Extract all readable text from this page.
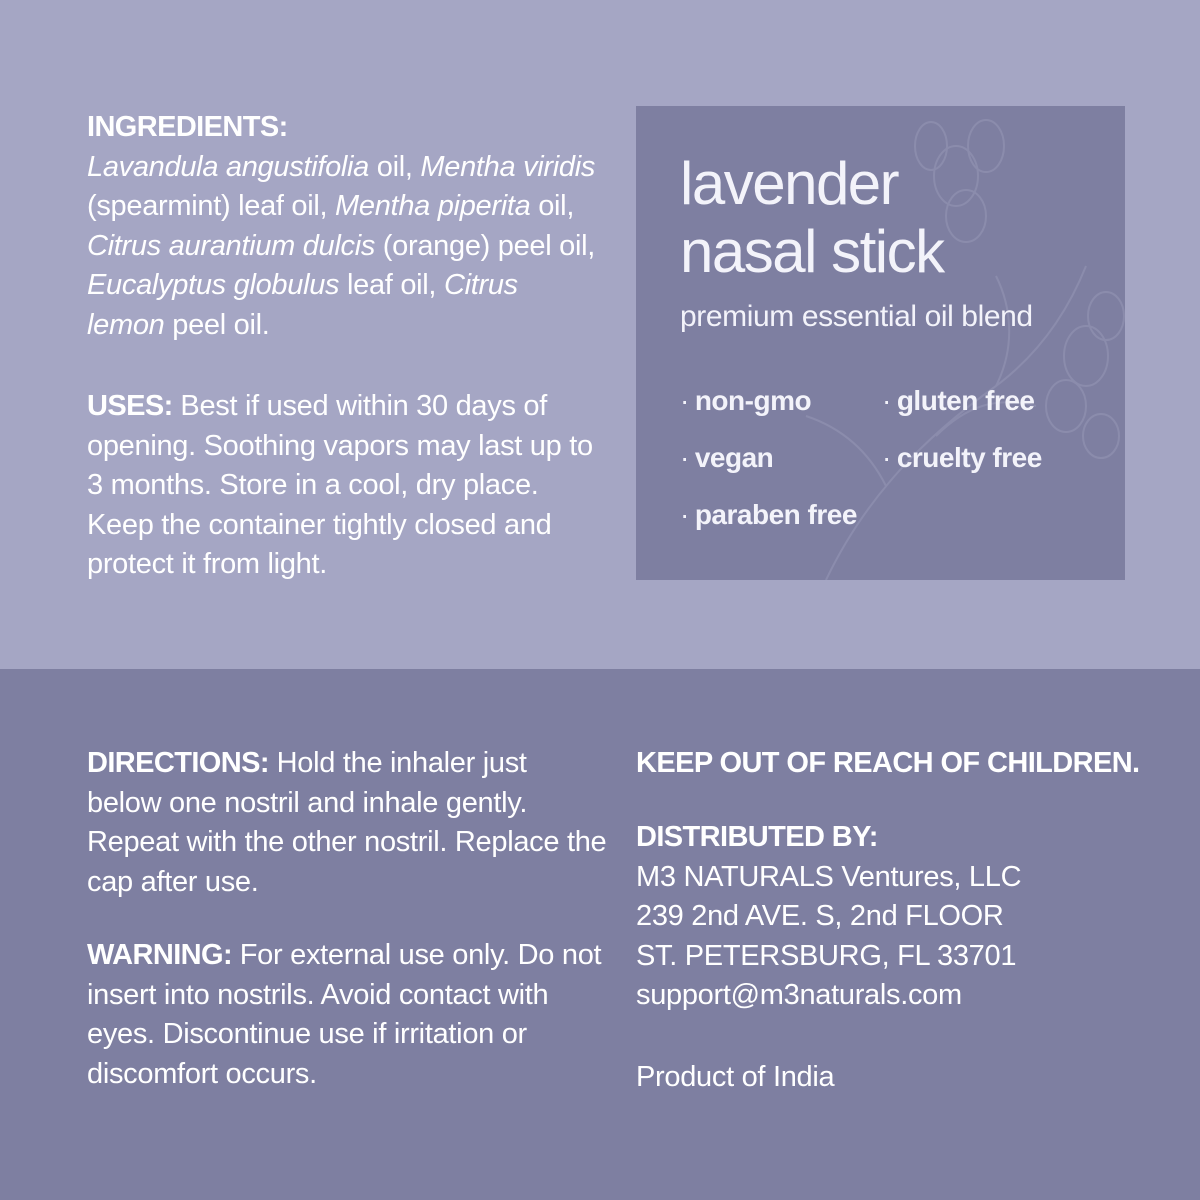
INGREDIENTS:
Lavandula angustifolia oil, Mentha viridis (spearmint) leaf oil, Mentha piperita oil, Citrus aurantium dulcis (orange) peel oil, Eucalyptus globulus leaf oil, Citrus lemon peel oil.

USES: Best if used within 30 days of opening. Soothing vapors may last up to 3 months. Store in a cool, dry place. Keep the container tightly closed and protect it from light.

lavender
nasal stick
premium essential oil blend
· non-gmo	· gluten free
· vegan	· cruelty free
· paraben free

DIRECTIONS: Hold the inhaler just below one nostril and inhale gently. Repeat with the other nostril. Replace the cap after use.

WARNING: For external use only. Do not insert into nostrils. Avoid contact with eyes. Discontinue use if irritation or discomfort occurs.

KEEP OUT OF REACH OF CHILDREN.
DISTRIBUTED BY:
M3 NATURALS Ventures, LLC
239 2nd AVE. S, 2nd FLOOR
ST. PETERSBURG, FL 33701
support@m3naturals.com
Product of India
